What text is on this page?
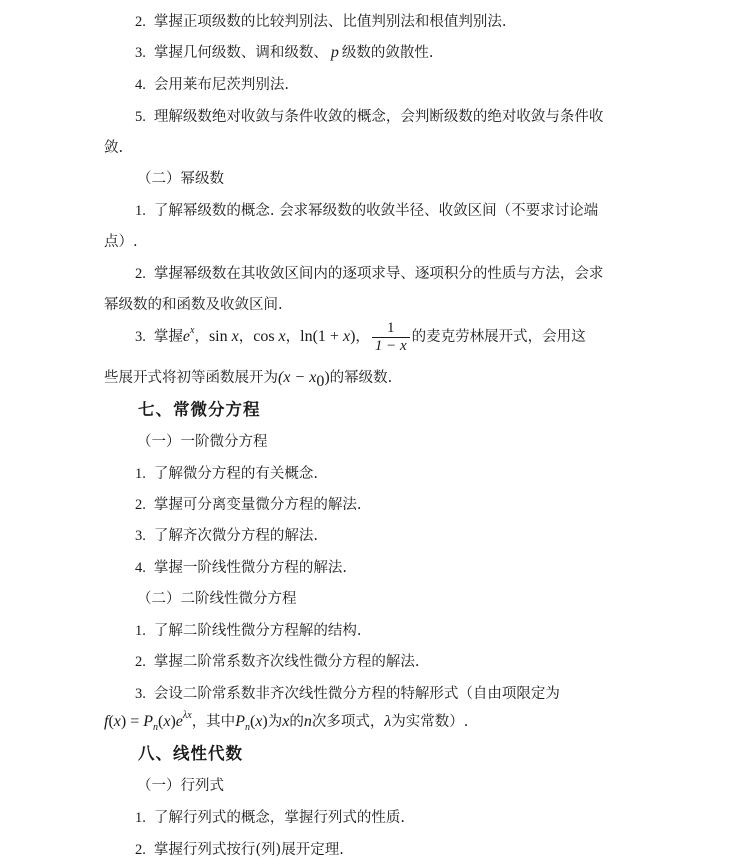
2. 掌握正项级数的比较判别法、比值判别法和根值判别法.
3. 掌握几何级数、调和级数、 p 级数的敛散性.
4. 会用莱布尼茨判别法.
5. 理解级数绝对收敛与条件收敛的概念，会判断级数的绝对收敛与条件收
敛.
（二）幂级数
1. 了解幂级数的概念. 会求幂级数的收敛半径、收敛区间（不要求讨论端
点）.
2. 掌握幂级数在其收敛区间内的逐项求导、逐项积分的性质与方法，会求
幂级数的和函数及收敛区间.
3. 掌握$e^x$，sin x，cos x，ln(1 + x)， $\frac{1}{1 - x}$ 的麦克劳林展开式，会用这
些展开式将初等函数展开为$(x - x_0)$的幂级数.
七、常微分方程
（一）一阶微分方程
1. 了解微分方程的有关概念.
2. 掌握可分离变量微分方程的解法.
3. 了解齐次微分方程的解法.
4. 掌握一阶线性微分方程的解法.
（二）二阶线性微分方程
1. 了解二阶线性微分方程解的结构.
2. 掌握二阶常系数齐次线性微分方程的解法.
3. 会设二阶常系数非齐次线性微分方程的特解形式（自由项限定为
$f(x) = P_n(x)e^{\lambda x}$，其中$P_n(x)$为x的n次多项式，λ为实常数）.
八、线性代数
（一）行列式
1. 了解行列式的概念，掌握行列式的性质.
2. 掌握行列式按行(列)展开定理.
